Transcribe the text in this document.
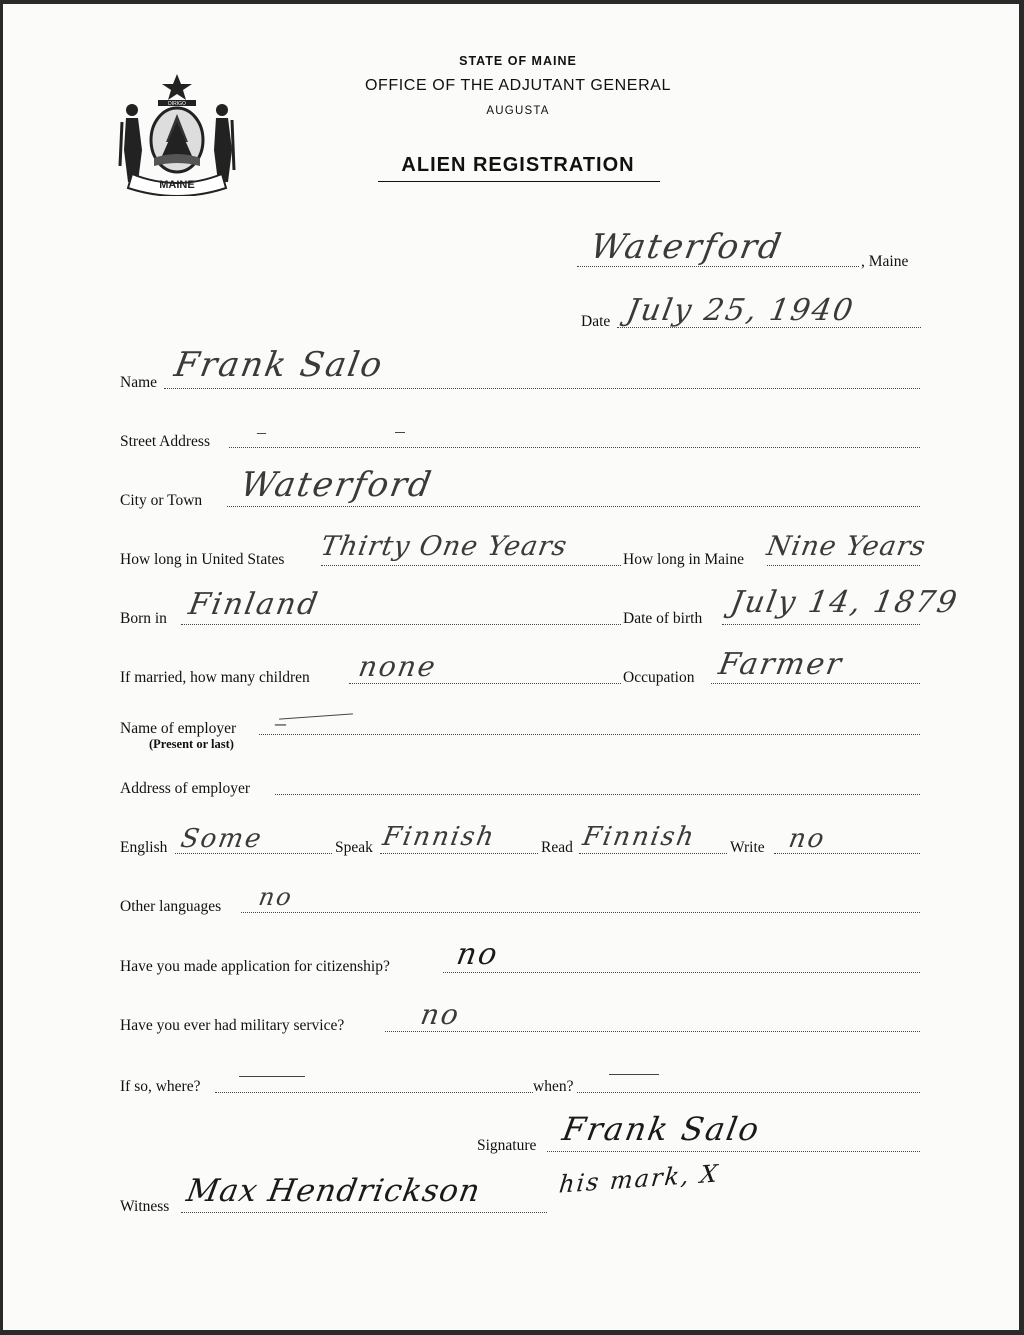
DIRIGO
MAINE
STATE OF MAINE
OFFICE OF THE ADJUTANT GENERAL
AUGUSTA
ALIEN REGISTRATION
Waterford	, Maine
Date July 25, 1940
Name Frank Salo
Street Address	–
City or Town Waterford
How long in United States Thirty One Years	How long in Maine Nine Years
Born in Finland	Date of birth July 14, 1879
If married, how many children none	Occupation Farmer
Name of employer
(Present or last)
–
Address of employer
English Some	Speak Finnish	Read Finnish Write no
Other languages no
Have you made application for citizenship? no
Have you ever had military service?	no
If so, where?	when?
Signature Frank Salo
Witness Max Hendrickson	his mark, X
